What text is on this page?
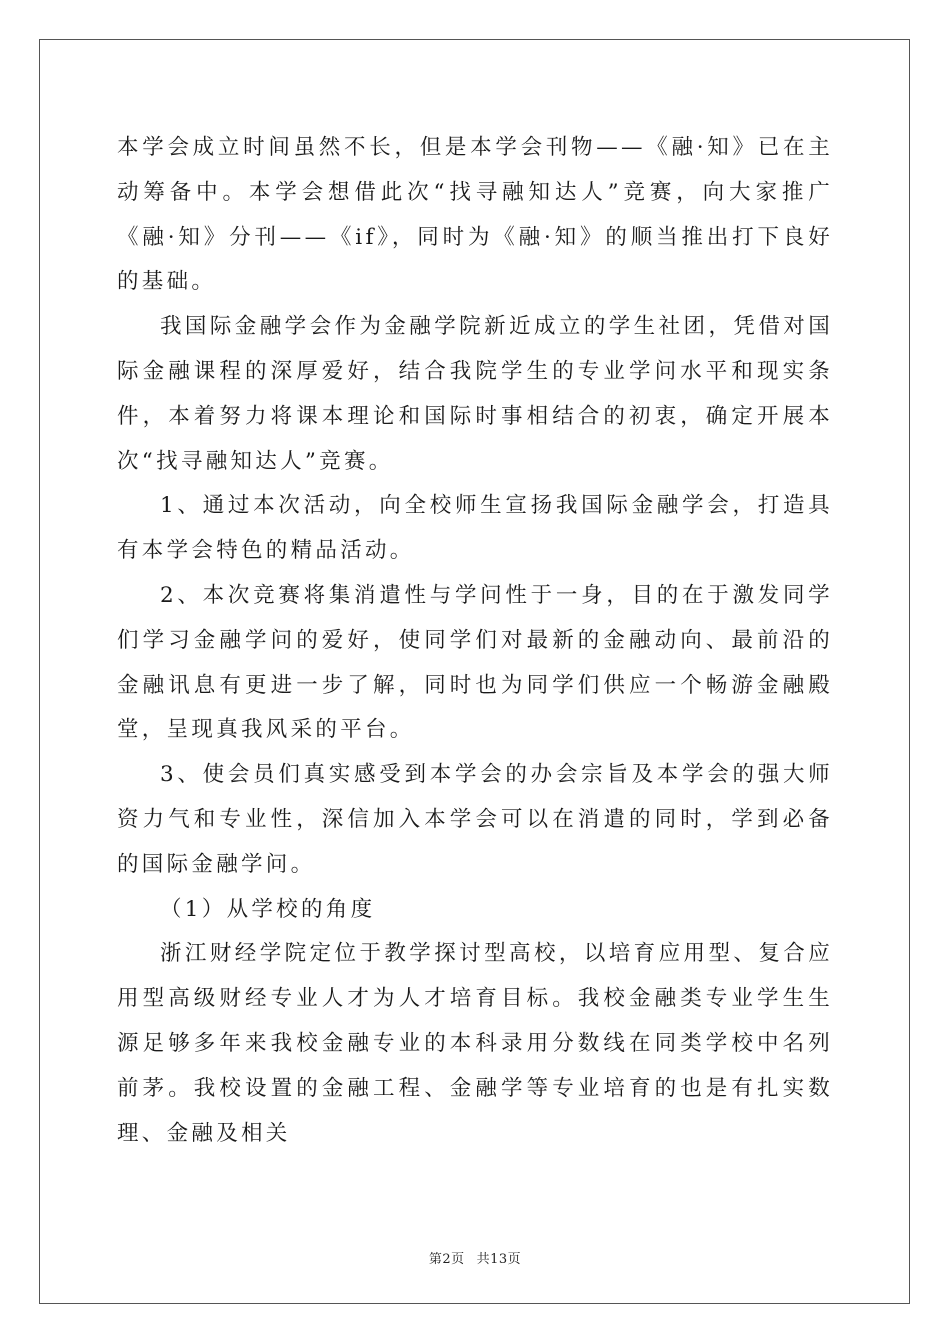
本学会成立时间虽然不长，但是本学会刊物——《融·知》已在主动筹备中。本学会想借此次“找寻融知达人”竞赛，向大家推广《融·知》分刊——《if》，同时为《融·知》的顺当推出打下良好的基础。

我国际金融学会作为金融学院新近成立的学生社团，凭借对国际金融课程的深厚爱好，结合我院学生的专业学问水平和现实条件，本着努力将课本理论和国际时事相结合的初衷，确定开展本次“找寻融知达人”竞赛。

1、通过本次活动，向全校师生宣扬我国际金融学会，打造具有本学会特色的精品活动。

2、本次竞赛将集消遣性与学问性于一身，目的在于激发同学们学习金融学问的爱好，使同学们对最新的金融动向、最前沿的金融讯息有更进一步了解，同时也为同学们供应一个畅游金融殿堂，呈现真我风采的平台。

3、使会员们真实感受到本学会的办会宗旨及本学会的强大师资力气和专业性，深信加入本学会可以在消遣的同时，学到必备的国际金融学问。

（1）从学校的角度

浙江财经学院定位于教学探讨型高校，以培育应用型、复合应用型高级财经专业人才为人才培育目标。我校金融类专业学生生源足够多年来我校金融专业的本科录用分数线在同类学校中名列前茅。我校设置的金融工程、金融学等专业培育的也是有扎实数理、金融及相关

第2页 共13页
